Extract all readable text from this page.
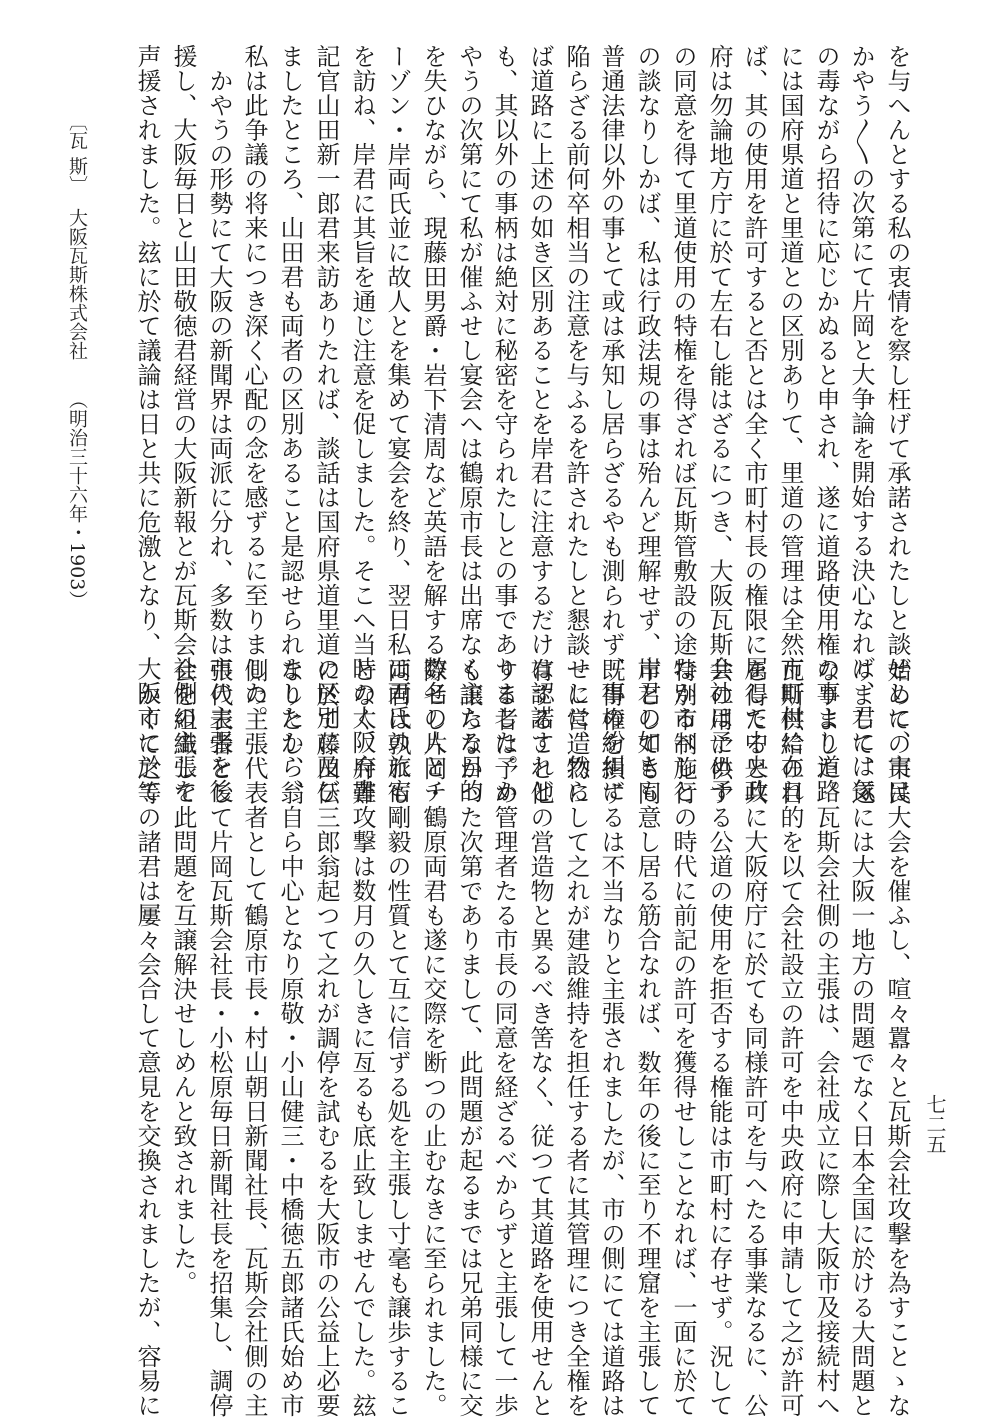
を与へんとする私の衷情を察し枉げて承諾されたしと談ぜしに、実は
かやう〳〵の次第にて片岡と大争論を開始する決心なれば、君には気
の毒ながら招待に応じかぬると申され、遂に道路使用権の事より道路
には国府県道と里道との区別ありて、里道の管理は全然市町村に在れ
ば、其の使用を許可すると否とは全く市町村長の権限に属して中央政
府は勿論地方庁に於て左右し能はざるにつき、大阪瓦斯会社は予め予
の同意を得て里道使用の特権を得ざれば瓦斯管敷設の途なかるべしと
の談なりしかば、私は行政法規の事は殆んど理解せず、岸君の如きも
普通法律以外の事とて或は承知し居らざるやも測られず、事の紛糾に
陥らざる前何卒相当の注意を与ふるを許されたしと懇談せしに、然ら
ば道路に上述の如き区別あることを岸君に注意するだけは認諾すれど
も、其以外の事柄は絶対に秘密を守られたしとの事でありました。か
やうの次第にて私が催ふせし宴会へは鶴原市長は出席なく主たる目的
を失ひながら、現藤田男爵・岩下清周など英語を解する数名の人とチ
ーゾン・岸両氏並に故人とを集めて宴会を終り、翌日私は両氏の旅宿
を訪ね、岸君に其旨を通じ注意を促しました。そこへ当時の大阪府書
記官山田新一郎君来訪ありたれば、談話は国府県道里道の区別に及び
ましたところ、山田君も両者の区別あること是認せられましたから、
私は此争議の将来につき深く心配の念を感ずるに至りました。
　かやうの形勢にて大阪の新聞界は両派に分れ、多数は市の主張を後
援し、大阪毎日と山田敬徳君経営の大阪新報とが瓦斯会社側の主張を
声援されました。玆に於て議論は日と共に危激となり、大阪市に於て
始めての市民大会を催ふし、喧々囂々と瓦斯会社攻撃を為すことゝな
りまして、遂には大阪一地方の問題でなく日本全国に於ける大問題と
なりました。瓦斯会社側の主張は、会社成立に際し大阪市及接続村へ
瓦斯供給の目的を以て会社設立の許可を中央政府に申請して之が許可
を得たると共に大阪府庁に於ても同様許可を与へたる事業なるに、公
共の用に供する公道の使用を拒否する権能は市町村に存せず。況して
特別市制施行の時代に前記の許可を獲得せしことなれば、一面に於て
市としても同意し居る筋合なれば、数年の後に至り不理窟を主張して
既得権を損ずるは不当なりと主張されましたが、市の側にては道路は
一に営造物にして之れが建設維持を担任する者に其管理につき全権を
有すること他の営造物と異るべき筈なく、従つて其道路を使用せんと
する者は予め管理者たる市長の同意を経ざるべからずと主張して一歩
も譲らなかつた次第でありまして、此問題が起るまでは兄弟同様に交
際せし片岡・鶴原両君も遂に交際を断つの止むなきに至られました。
両君は孰れも剛毅の性質とて互に信ずる処を主張し寸毫も譲歩するこ
となく、弁難攻撃は数月の久しきに亙るも底止致しませんでした。玆
に於て藤田伝三郎翁起つて之れが調停を試むるを大阪市の公益上必要
なりとし、翁自ら中心となり原敬・小山健三・中橋徳五郎諸氏始め市
側の主張代表者として鶴原市長・村山朝日新聞社長、瓦斯会社側の主
張代表者として片岡瓦斯会社長・小松原毎日新聞社長を招集し、調停
会を組織して此問題を互譲解決せしめんと致されました。
　かくて之等の諸君は屢々会合して意見を交換されましたが、容易に
〔瓦 斯〕
大阪瓦斯株式会社
（明治三十六年・1903）
七二五
